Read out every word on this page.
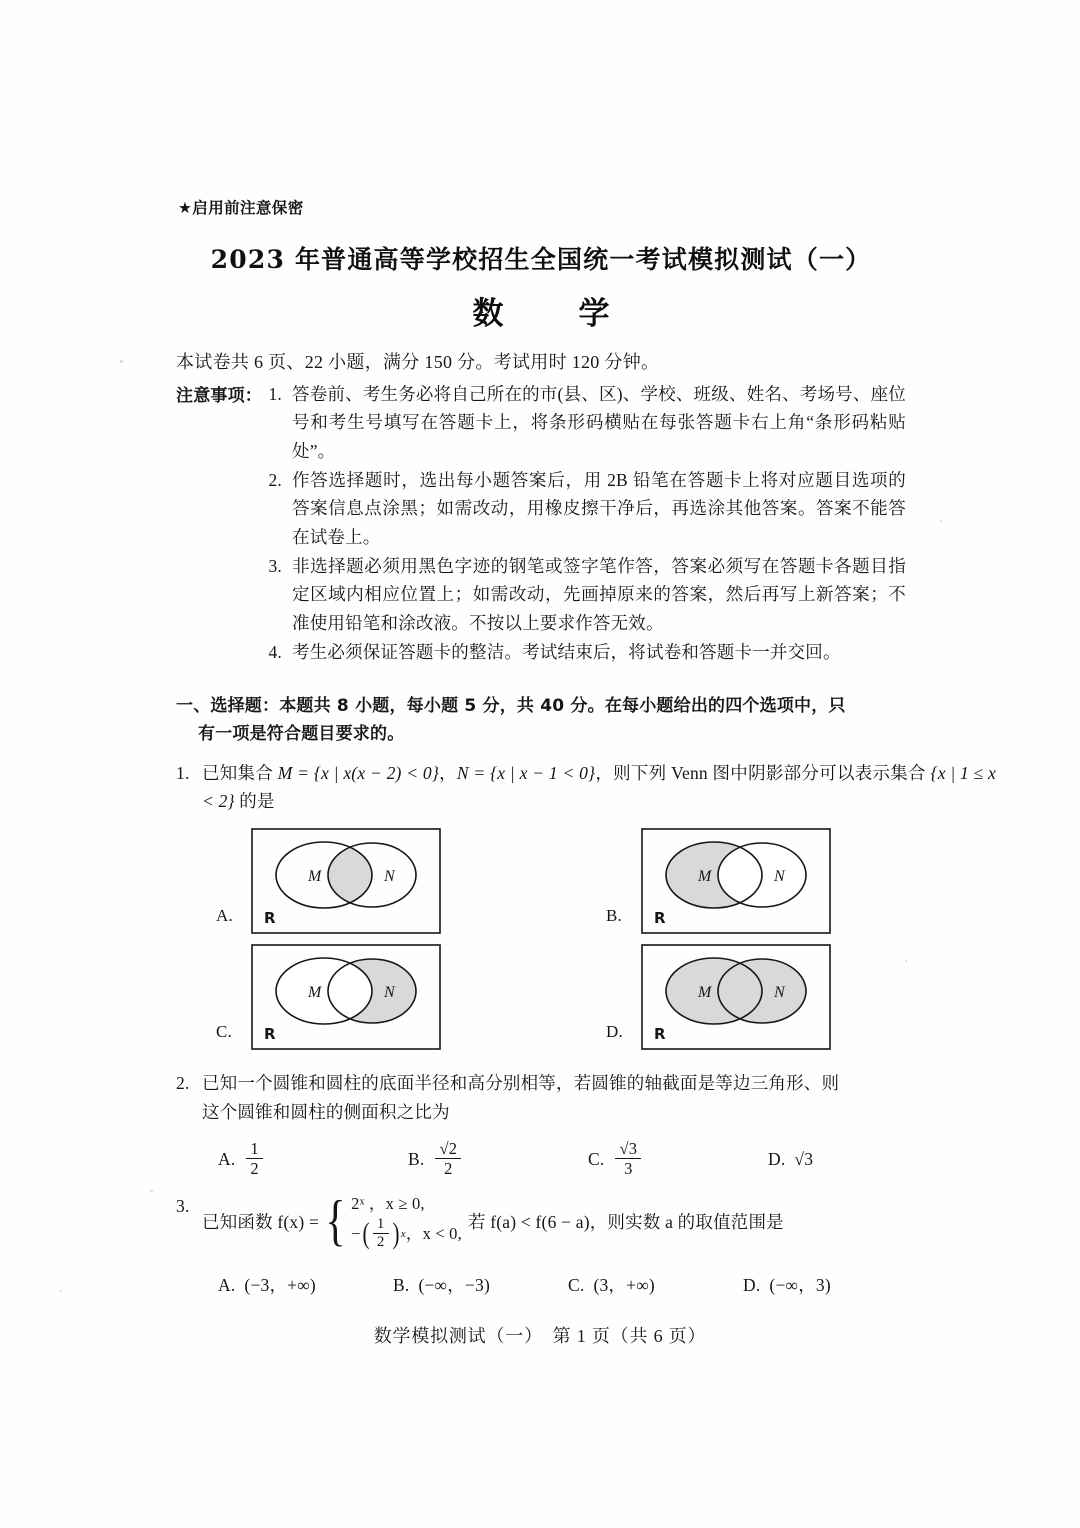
★启用前注意保密
2023 年普通高等学校招生全国统一考试模拟测试（一）
数　学
本试卷共 6 页、22 小题，满分 150 分。考试用时 120 分钟。
注意事项： 1. 答卷前、考生务必将自己所在的市(县、区)、学校、班级、姓名、考场号、座位号和考生号填写在答题卡上，将条形码横贴在每张答题卡右上角“条形码粘贴处”。
2. 作答选择题时，选出每小题答案后，用 2B 铅笔在答题卡上将对应题目选项的答案信息点涂黑；如需改动，用橡皮擦干净后，再选涂其他答案。答案不能答在试卷上。
3. 非选择题必须用黑色字迹的钢笔或签字笔作答，答案必须写在答题卡各题目指定区域内相应位置上；如需改动，先画掉原来的答案，然后再写上新答案；不准使用铅笔和涂改液。不按以上要求作答无效。
4. 考生必须保证答题卡的整洁。考试结束后，将试卷和答题卡一并交回。
一、选择题：本题共 8 小题，每小题 5 分，共 40 分。在每小题给出的四个选项中，只
有一项是符合题目要求的。
1. 已知集合 M = {x | x(x − 2) < 0}，N = {x | x − 1 < 0}，则下列 Venn 图中阴影部分可以表示集合 {x | 1 ≤ x < 2} 的是
A.
M	N
R	B.
M	N
R
C.
M	N
R	D.
M	N
R
2. 已知一个圆锥和圆柱的底面半径和高分别相等，若圆锥的轴截面是等边三角形、则
这个圆锥和圆柱的侧面积之比为
A. $\frac{1}{2}$	B. $\frac{√2}{2}$	C. $\frac{√3}{3}$	D. √3
3.
已知函数 f(x) = { 2ˣ ，x ≥ 0,
− ( $\frac{1}{2}$ ) x ，x < 0,
若 f(a) < f(6 − a)，则实数 a 的取值范围是
A. (−3，+∞)	B. (−∞，−3)	C. (3，+∞)	D. (−∞，3)
数学模拟测试（一）　第 1 页（共 6 页）
